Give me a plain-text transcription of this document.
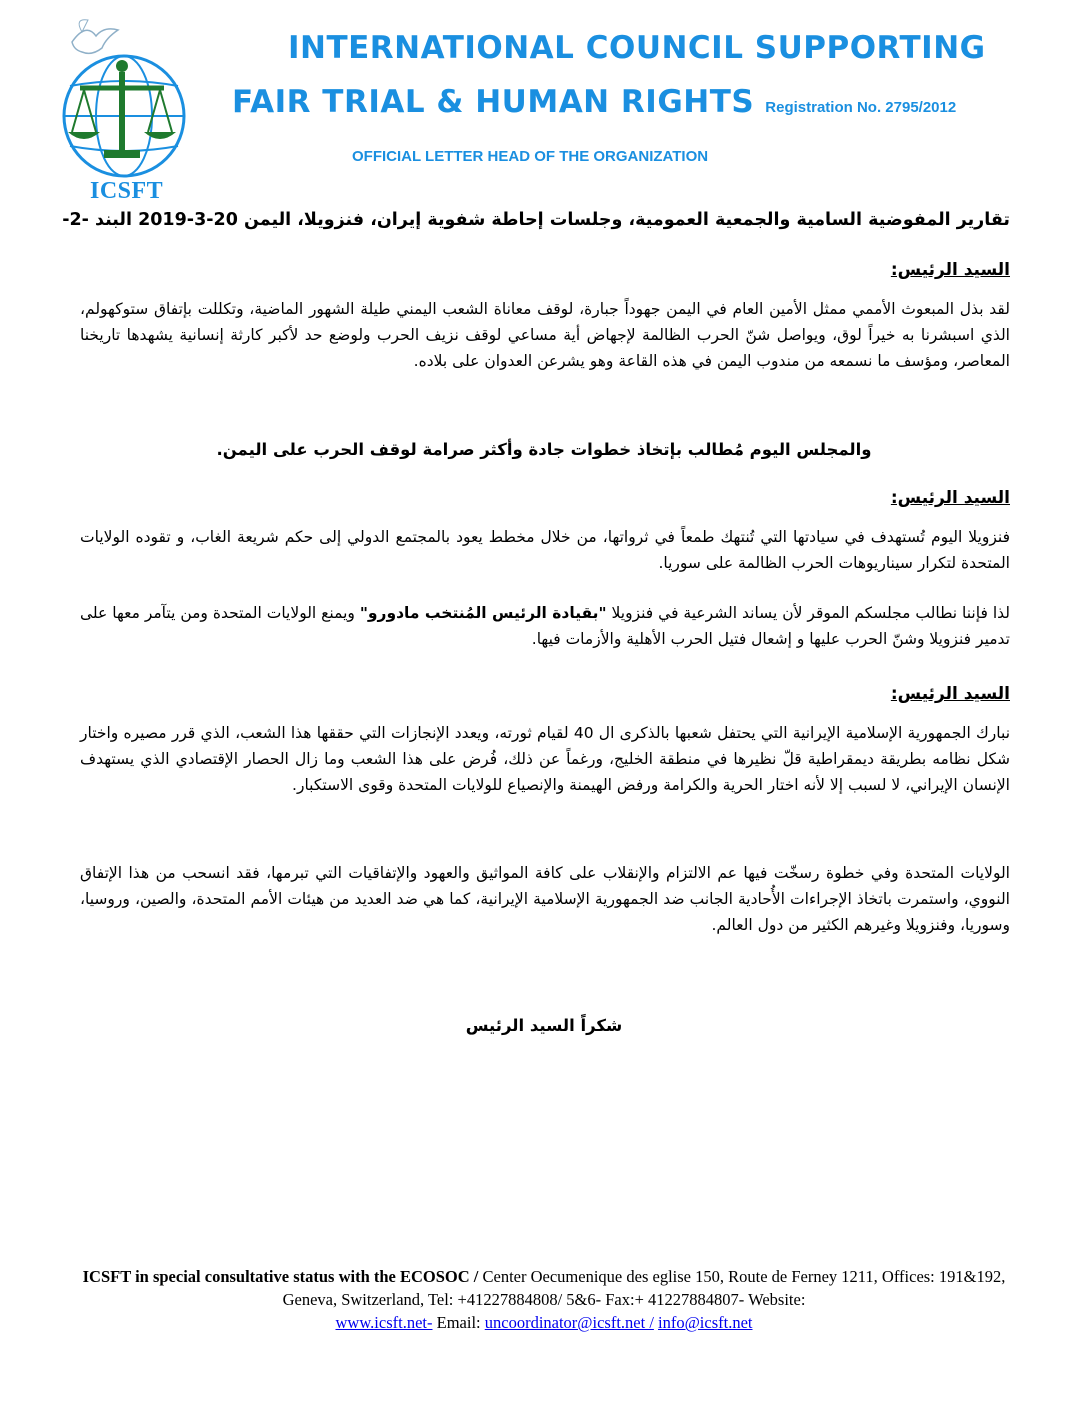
INTERNATIONAL COUNCIL SUPPORTING
FAIR TRIAL & HUMAN RIGHTS Registration No. 2795/2012
OFFICIAL LETTER HEAD OF THE ORGANIZATION
ICSFT
تقارير المفوضية السامية والجمعية العمومية، وجلسات إحاطة شفوية إيران، فنزويلا، اليمن 20-3-2019 البند -2-
السيد الرئيس:
لقد بذل المبعوث الأممي ممثل الأمين العام في اليمن جهوداً جبارة، لوقف معاناة الشعب اليمني طيلة الشهور الماضية، وتكللت بإتفاق ستوكهولم، الذي اسبشرنا به خيراً لوق، ويواصل شنّ الحرب الظالمة لإجهاض أية مساعي لوقف نزيف الحرب ولوضع حد لأكبر كارثة إنسانية يشهدها تاريخنا المعاصر، ومؤسف ما نسمعه من مندوب اليمن في هذه القاعة وهو يشرعن العدوان على بلاده.
والمجلس اليوم مُطالب بإتخاذ خطوات جادة وأكثر صرامة لوقف الحرب على اليمن.
السيد الرئيس:
فنزويلا اليوم تُستهدف في سيادتها التي تُنتهك طمعاً في ثرواتها، من خلال مخطط يعود بالمجتمع الدولي إلى حكم شريعة الغاب، و تقوده الولايات المتحدة لتكرار سيناريوهات الحرب الظالمة على سوريا.
لذا فإننا نطالب مجلسكم الموقر لأن يساند الشرعية في فنزويلا "بقيادة الرئيس المُنتخب مادورو" ويمنع الولايات المتحدة ومن يتآمر معها على تدمير فنزويلا وشنّ الحرب عليها و إشعال فتيل الحرب الأهلية والأزمات فيها.
السيد الرئيس:
نبارك الجمهورية الإسلامية الإيرانية التي يحتفل شعبها بالذكرى ال 40 لقيام ثورته، ويعدد الإنجازات التي حققها هذا الشعب، الذي قرر مصيره واختار شكل نظامه بطريقة ديمقراطية قلّ نظيرها في منطقة الخليج، ورغماً عن ذلك، فُرض على هذا الشعب وما زال الحصار الإقتصادي الذي يستهدف الإنسان الإيراني، لا لسبب إلا لأنه اختار الحرية والكرامة ورفض الهيمنة والإنصياع للولايات المتحدة وقوى الاستكبار.
الولايات المتحدة وفي خطوة رسخّت فيها عم الالتزام والإنقلاب على كافة المواثيق والعهود والإتفاقيات التي تبرمها، فقد انسحب من هذا الإتفاق النووي، واستمرت باتخاذ الإجراءات الأُحادية الجانب ضد الجمهورية الإسلامية الإيرانية، كما هي ضد العديد من هيئات الأمم المتحدة، والصين، وروسيا، وسوريا، وفنزويلا وغيرهم الكثير من دول العالم.
شكراً السيد الرئيس
ICSFT in special consultative status with the ECOSOC / Center Oecumenique des eglise 150, Route de Ferney 1211, Offices: 191&192, Geneva, Switzerland, Tel: +41227884808/ 5&6- Fax:+ 41227884807- Website:
www.icsft.net- Email: uncoordinator@icsft.net / info@icsft.net
